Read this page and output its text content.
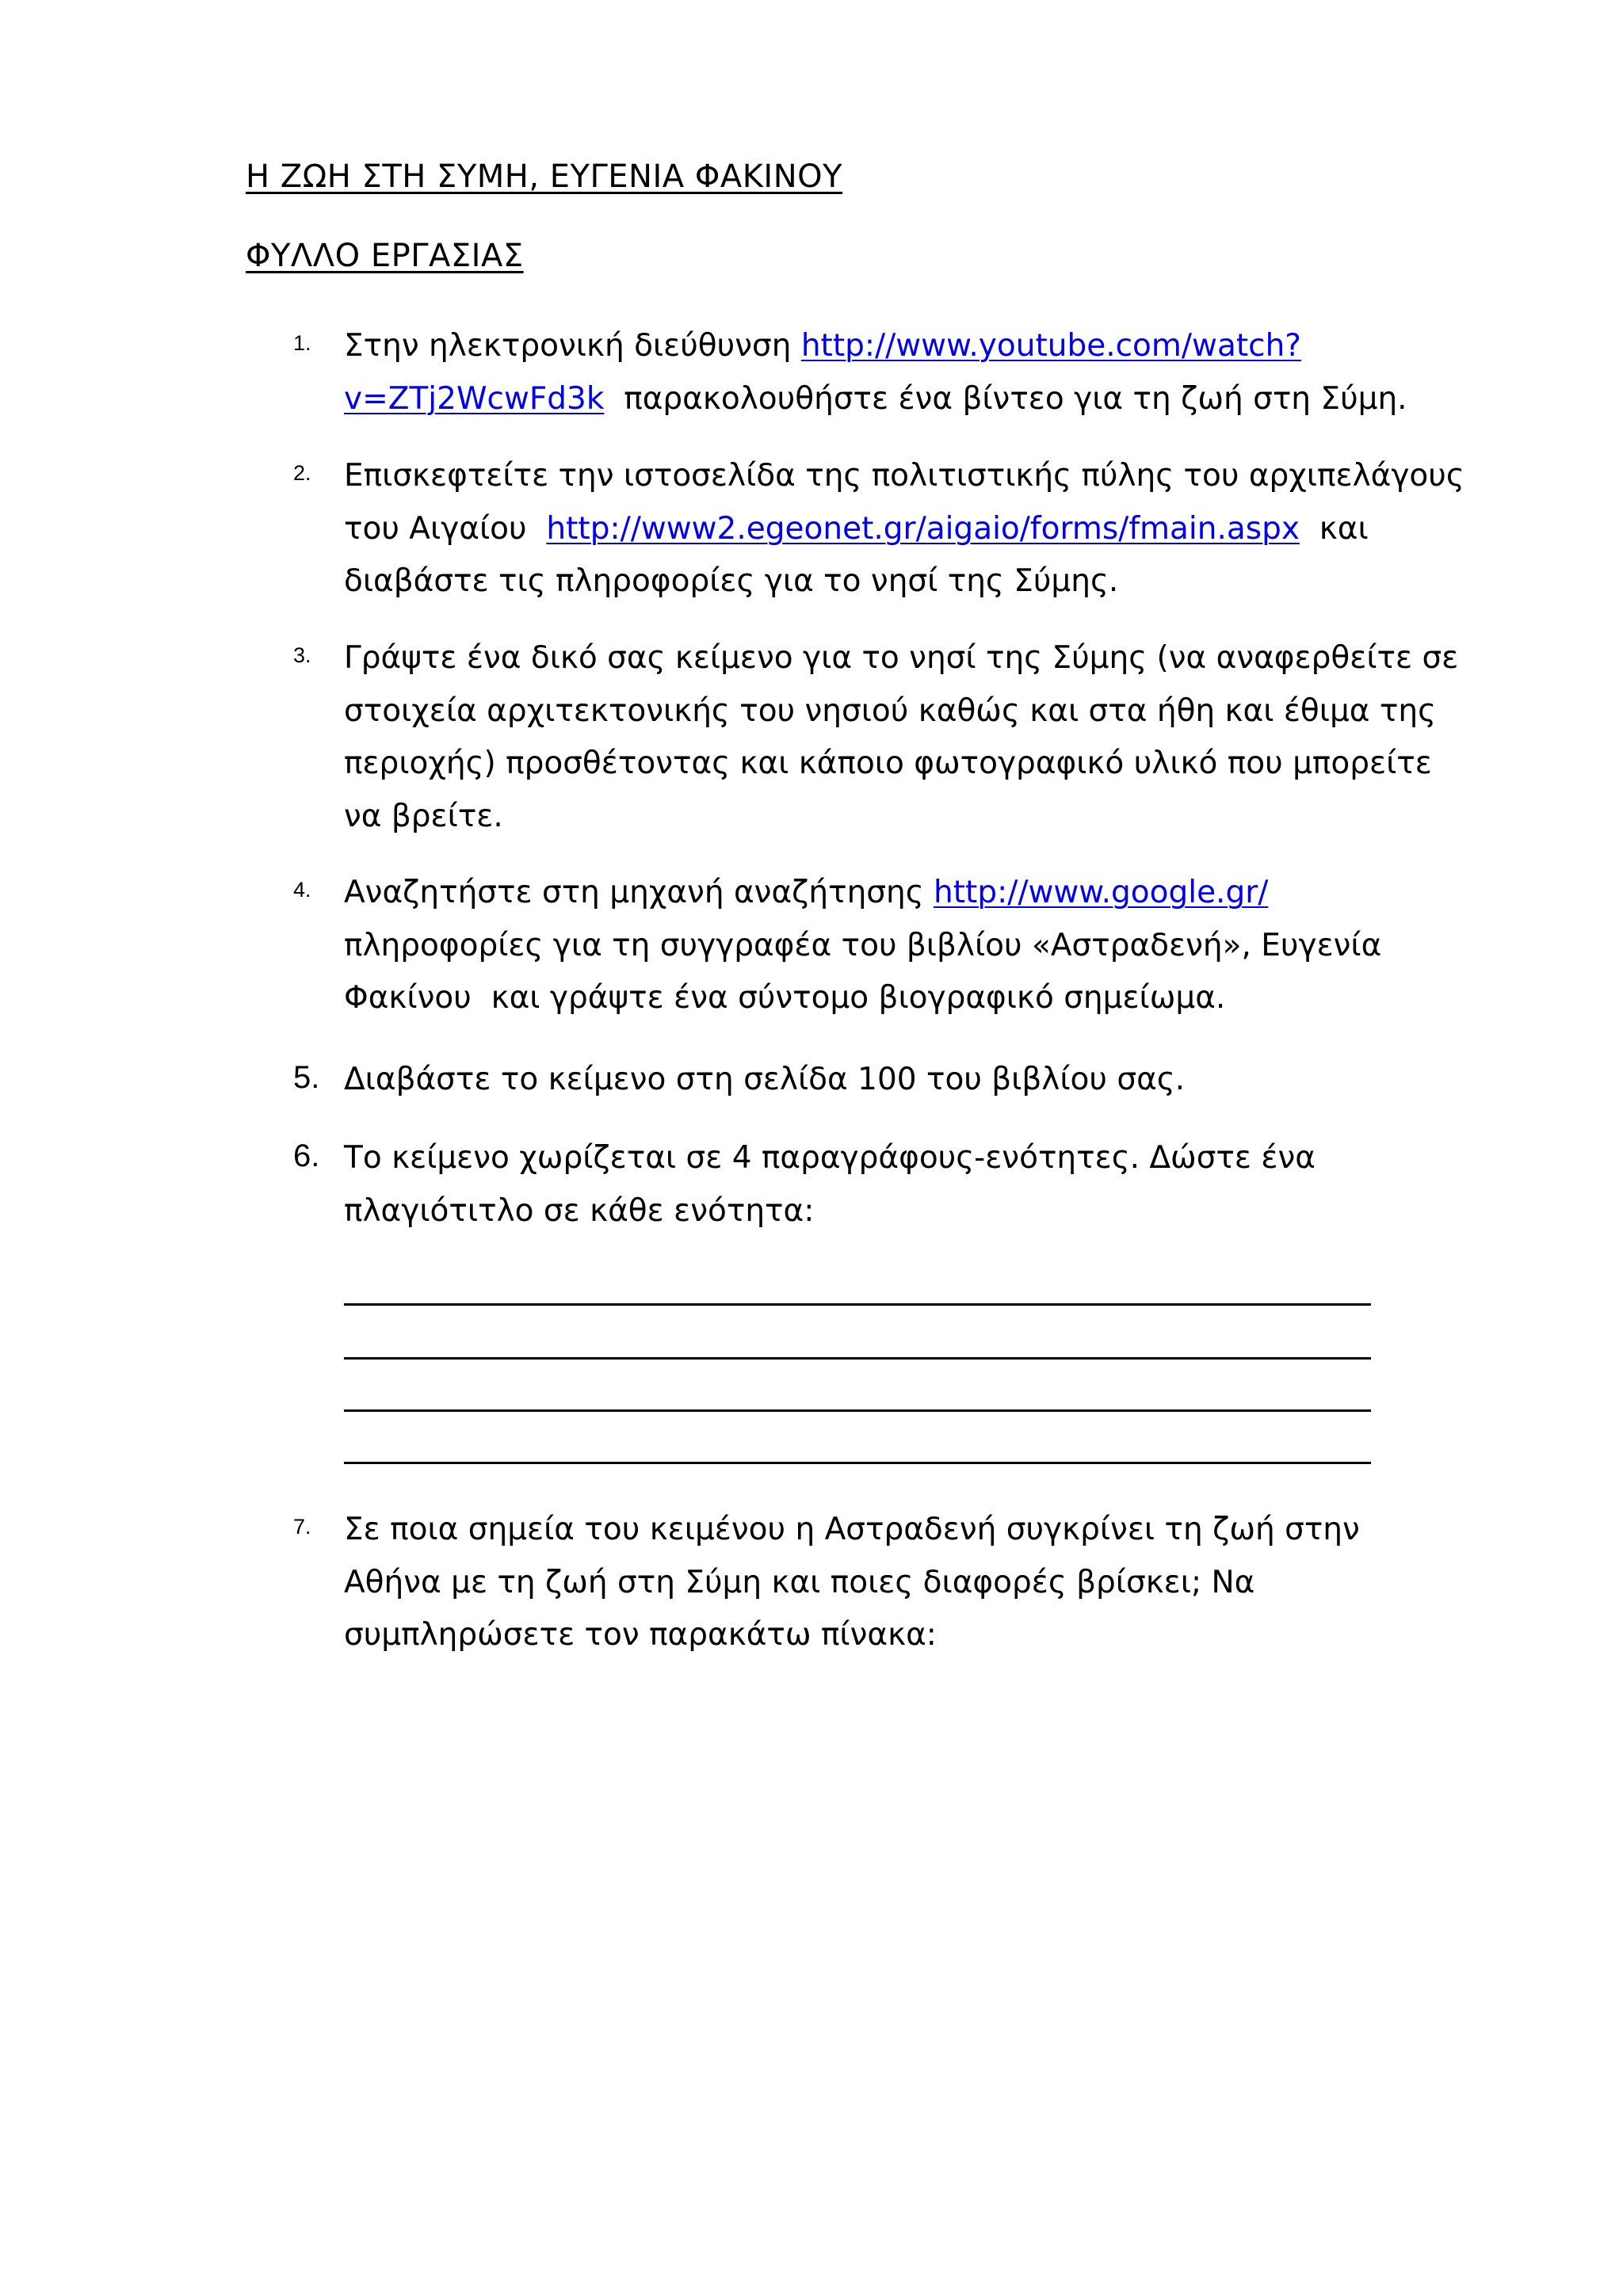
Η ΖΩΗ ΣΤΗ ΣΥΜΗ, ΕΥΓΕΝΙΑ ΦΑΚΙΝΟΥ
ΦΥΛΛΟ ΕΡΓΑΣΙΑΣ
1.	Στην ηλεκτρονική διεύθυνση http://www.youtube.com/watch?
v=ZTj2WcwFd3k  παρακολουθήστε ένα βίντεο για τη ζωή στη Σύμη.
2.	Επισκεφτείτε την ιστοσελίδα της πολιτιστικής πύλης του αρχιπελάγους
του Αιγαίου  http://www2.egeonet.gr/aigaio/forms/fmain.aspx  και
διαβάστε τις πληροφορίες για το νησί της Σύμης.
3.	Γράψτε ένα δικό σας κείμενο για το νησί της Σύμης (να αναφερθείτε σε
στοιχεία αρχιτεκτονικής του νησιού καθώς και στα ήθη και έθιμα της
περιοχής) προσθέτοντας και κάποιο φωτογραφικό υλικό που μπορείτε
να βρείτε.
4.	Αναζητήστε στη μηχανή αναζήτησης http://www.google.gr/
πληροφορίες για τη συγγραφέα του βιβλίου «Αστραδενή», Ευγενία
Φακίνου  και γράψτε ένα σύντομο βιογραφικό σημείωμα.
5. Διαβάστε το κείμενο στη σελίδα 100 του βιβλίου σας.
6. Το κείμενο χωρίζεται σε 4 παραγράφους-ενότητες. Δώστε ένα
πλαγιότιτλο σε κάθε ενότητα:
7.	Σε ποια σημεία του κειμένου η Αστραδενή συγκρίνει τη ζωή στην
Αθήνα με τη ζωή στη Σύμη και ποιες διαφορές βρίσκει; Να
συμπληρώσετε τον παρακάτω πίνακα:
